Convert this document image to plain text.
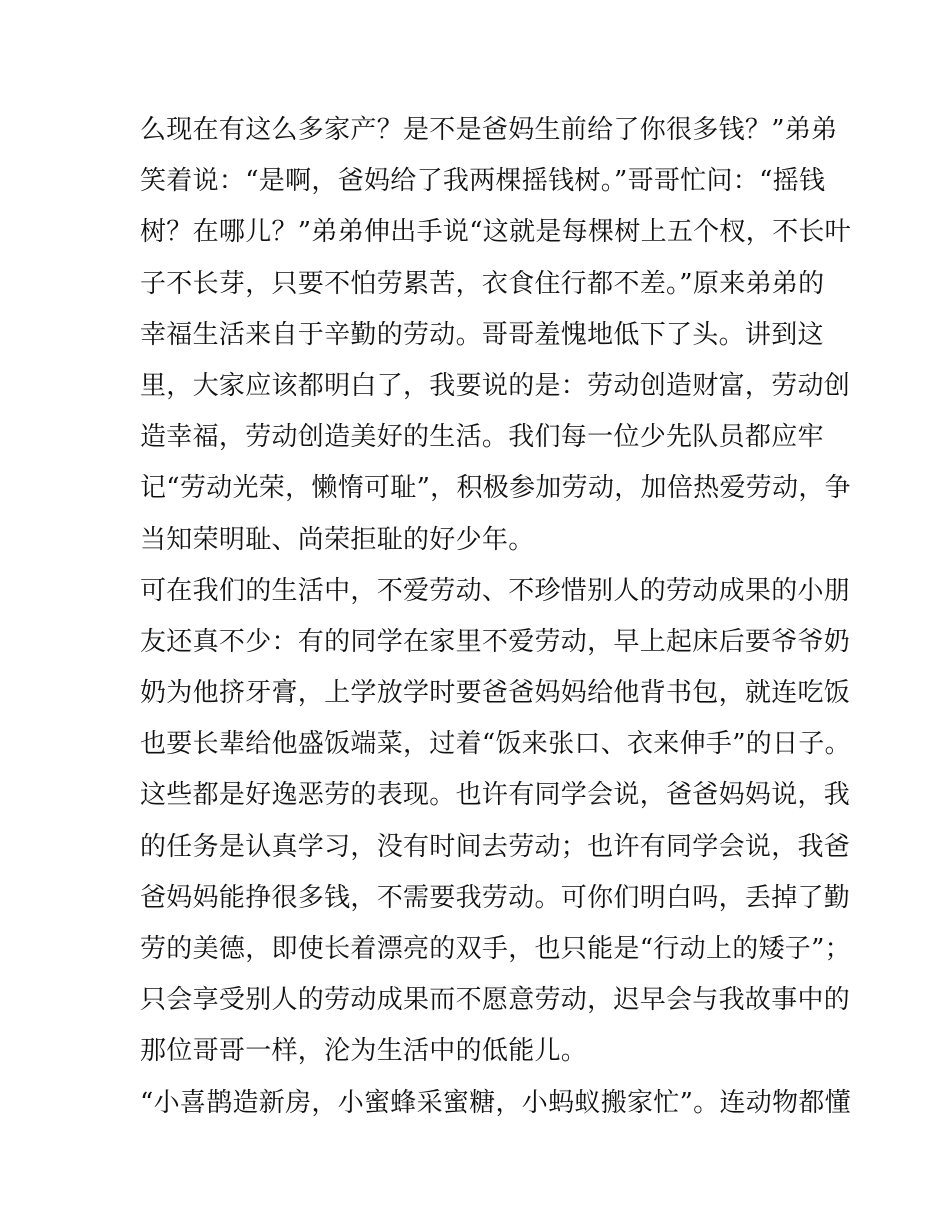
么现在有这么多家产？是不是爸妈生前给了你很多钱？”弟弟
笑着说：“是啊，爸妈给了我两棵摇钱树。”哥哥忙问：“摇钱
树？在哪儿？”弟弟伸出手说“这就是每棵树上五个杈，不长叶
子不长芽，只要不怕劳累苦，衣食住行都不差。”原来弟弟的
幸福生活来自于辛勤的劳动。哥哥羞愧地低下了头。讲到这
里，大家应该都明白了，我要说的是：劳动创造财富，劳动创
造幸福，劳动创造美好的生活。我们每一位少先队员都应牢
记“劳动光荣，懒惰可耻”，积极参加劳动，加倍热爱劳动，争
当知荣明耻、尚荣拒耻的好少年。
可在我们的生活中，不爱劳动、不珍惜别人的劳动成果的小朋
友还真不少：有的同学在家里不爱劳动，早上起床后要爷爷奶
奶为他挤牙膏，上学放学时要爸爸妈妈给他背书包，就连吃饭
也要长辈给他盛饭端菜，过着“饭来张口、衣来伸手”的日子。
这些都是好逸恶劳的表现。也许有同学会说，爸爸妈妈说，我
的任务是认真学习，没有时间去劳动；也许有同学会说，我爸
爸妈妈能挣很多钱，不需要我劳动。可你们明白吗，丢掉了勤
劳的美德，即使长着漂亮的双手，也只能是“行动上的矮子”；
只会享受别人的劳动成果而不愿意劳动，迟早会与我故事中的
那位哥哥一样，沦为生活中的低能儿。
“小喜鹊造新房，小蜜蜂采蜜糖，小蚂蚁搬家忙”。连动物都懂
